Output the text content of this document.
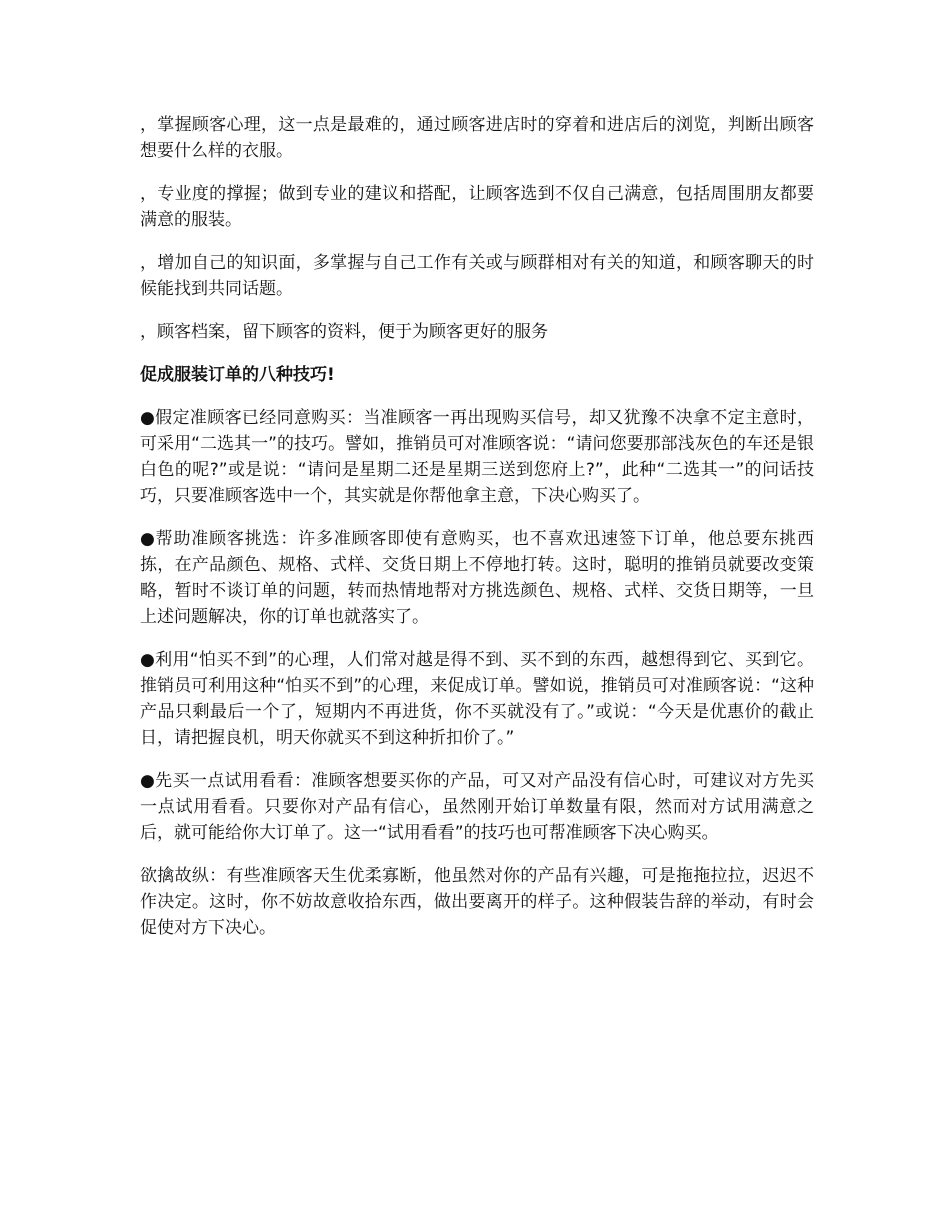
，掌握顾客心理，这一点是最难的，通过顾客进店时的穿着和进店后的浏览，判断出顾客想要什么样的衣服。

，专业度的撑握；做到专业的建议和搭配，让顾客选到不仅自己满意，包括周围朋友都要满意的服装。

，增加自己的知识面，多掌握与自己工作有关或与顾群相对有关的知道，和顾客聊天的时候能找到共同话题。

，顾客档案，留下顾客的资料，便于为顾客更好的服务

促成服装订单的八种技巧!

●假定准顾客已经同意购买：当准顾客一再出现购买信号，却又犹豫不决拿不定主意时，可采用“二选其一”的技巧。譬如，推销员可对准顾客说：“请问您要那部浅灰色的车还是银白色的呢?”或是说：“请问是星期二还是星期三送到您府上?”，此种“二选其一”的问话技巧，只要准顾客选中一个，其实就是你帮他拿主意，下决心购买了。

●帮助准顾客挑选：许多准顾客即使有意购买，也不喜欢迅速签下订单，他总要东挑西拣，在产品颜色、规格、式样、交货日期上不停地打转。这时，聪明的推销员就要改变策略，暂时不谈订单的问题，转而热情地帮对方挑选颜色、规格、式样、交货日期等，一旦上述问题解决，你的订单也就落实了。

●利用“怕买不到”的心理，人们常对越是得不到、买不到的东西，越想得到它、买到它。推销员可利用这种“怕买不到”的心理，来促成订单。譬如说，推销员可对准顾客说：“这种产品只剩最后一个了，短期内不再进货，你不买就没有了。”或说：“今天是优惠价的截止日，请把握良机，明天你就买不到这种折扣价了。”

●先买一点试用看看：准顾客想要买你的产品，可又对产品没有信心时，可建议对方先买一点试用看看。只要你对产品有信心，虽然刚开始订单数量有限，然而对方试用满意之后，就可能给你大订单了。这一“试用看看”的技巧也可帮准顾客下决心购买。

欲擒故纵：有些准顾客天生优柔寡断，他虽然对你的产品有兴趣，可是拖拖拉拉，迟迟不作决定。这时，你不妨故意收拾东西，做出要离开的样子。这种假装告辞的举动，有时会促使对方下决心。
